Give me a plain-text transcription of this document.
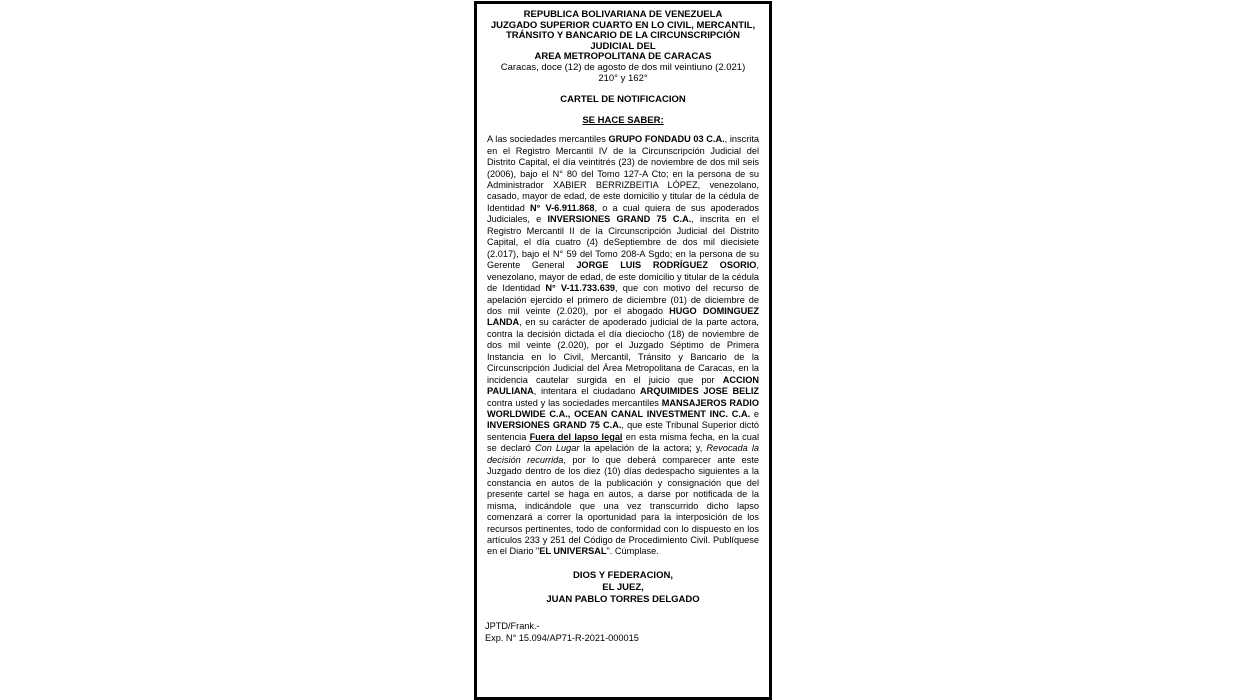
REPUBLICA BOLIVARIANA DE VENEZUELA
JUZGADO SUPERIOR CUARTO EN LO CIVIL, MERCANTIL,
TRÁNSITO Y BANCARIO DE LA CIRCUNSCRIPCIÓN
JUDICIAL DEL
AREA METROPOLITANA DE CARACAS
Caracas, doce (12) de agosto de dos mil veintiuno (2.021)
210° y 162°
CARTEL DE NOTIFICACION
SE HACE SABER:
A las sociedades mercantiles GRUPO FONDADU 03 C.A., inscrita en el Registro Mercantil IV de la Circunscripción Judicial del Distrito Capital, el día veintitrés (23) de noviembre de dos mil seis (2006), bajo el N° 80 del Tomo 127-A Cto; en la persona de su Administrador XABIER BERRIZBEITIA LÓPEZ, venezolano, casado, mayor de edad, de este domicilio y titular de la cédula de Identidad N° V-6.911.868, o a cual quiera de sus apoderados Judiciales, e INVERSIONES GRAND 75 C.A., inscrita en el Registro Mercantil II de la Circunscripción Judicial del Distrito Capital, el día cuatro (4) deSeptiembre de dos mil diecisiete (2.017), bajo el N° 59 del Tomo 208-A Sgdo; en la persona de su Gerente General JORGE LUIS RODRÍGUEZ OSORIO, venezolano, mayor de edad, de este domicilio y titular de la cédula de Identidad N° V-11.733.639, que con motivo del recurso de apelación ejercido el primero de diciembre (01) de diciembre de dos mil veinte (2.020), por el abogado HUGO DOMINGUEZ LANDA, en su carácter de apoderado judicial de la parte actora, contra la decisión dictada el día dieciocho (18) de noviembre de dos mil veinte (2.020), por el Juzgado Séptimo de Primera Instancia en lo Civil, Mercantil, Tránsito y Bancario de la Circunscripción Judicial del Área Metropolitana de Caracas, en la incidencia cautelar surgida en el juicio que por ACCION PAULIANA, intentara el ciudadano ARQUIMIDES JOSE BELIZ contra usted y las sociedades mercantiles MANSAJEROS RADIO WORLDWIDE C.A., OCEAN CANAL INVESTMENT INC. C.A. e INVERSIONES GRAND 75 C.A., que este Tribunal Superior dictó sentencia Fuera del lapso legal en esta misma fecha, en la cual se declaró Con Lugar la apelación de la actora; y, Revocada la decisión recurrida, por lo que deberá comparecer ante este Juzgado dentro de los diez (10) días dedespacho siguientes a la constancia en autos de la publicación y consignación que del presente cartel se haga en autos, a darse por notificada de la misma, indicándole que una vez transcurrido dicho lapso comenzará a correr la oportunidad para la interposición de los recursos pertinentes, todo de conformidad con lo dispuesto en los artículos 233 y 251 del Código de Procedimiento Civil. Publíquese en el Diario "EL UNIVERSAL". Cúmplase.
DIOS Y FEDERACION,
EL JUEZ,
JUAN PABLO TORRES DELGADO
JPTD/Frank.-
Exp. N° 15.094/AP71-R-2021-000015
